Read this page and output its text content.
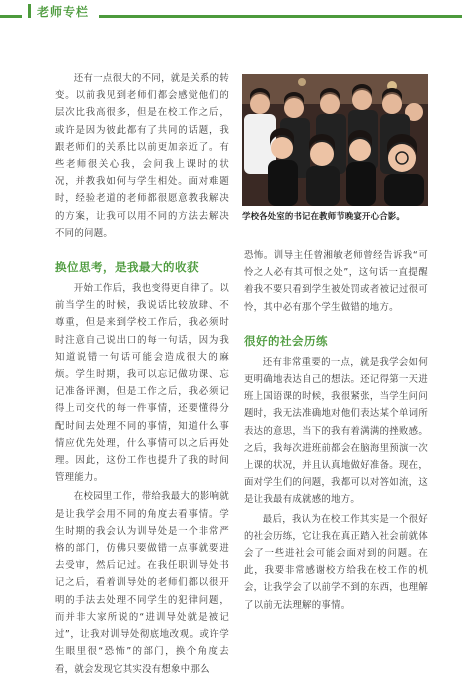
老师专栏

还有一点很大的不同，就是关系的转变。以前我见到老师们都会感觉他们的层次比我高很多，但是在校工作之后，或许是因为彼此都有了共同的话题，我跟老师们的关系比以前更加亲近了。有些老师很关心我，会问我上课时的状况，并教我如何与学生相处。面对难题时，经验老道的老师都很愿意教我解决的方案，让我可以用不同的方法去解决不同的问题。

换位思考，是我最大的收获

开始工作后，我也变得更自律了。以前当学生的时候，我说话比较放肆、不尊重，但是来到学校工作后，我必须时时注意自己说出口的每一句话，因为我知道说错一句话可能会造成很大的麻烦。学生时期，我可以忘记做功课、忘记准备评测，但是工作之后，我必须记得上司交代的每一件事情，还要懂得分配时间去处理不同的事情，知道什么事情应优先处理，什么事情可以之后再处理。因此，这份工作也提升了我的时间管理能力。

在校园里工作，带给我最大的影响就是让我学会用不同的角度去看事情。学生时期的我会认为训导处是一个非常严格的部门，仿佛只要做错一点事就要进去受审，然后记过。在我任职训导处书记之后，看着训导处的老师们都以很开明的手法去处理不同学生的犯律问题，而并非大家所说的“进训导处就是被记过”，让我对训导处彻底地改观。或许学生眼里很“恐怖”的部门，换个角度去看，就会发现它其实没有想象中那么

学校各处室的书记在教师节晚宴开心合影。

恐怖。训导主任曾湘敏老师曾经告诉我“可怜之人必有其可恨之处”，这句话一直提醒着我不要只看到学生被处罚或者被记过很可怜，其中必有那个学生做错的地方。

很好的社会历练

还有非常重要的一点，就是我学会如何更明确地表达自己的想法。还记得第一天进班上国语课的时候，我很紧张，当学生问问题时，我无法准确地对他们表达某个单词所表达的意思，当下的我有着满满的挫败感。之后，我每次进班前都会在脑海里预演一次上课的状况，并且认真地做好准备。现在，面对学生们的问题，我都可以对答如流，这是让我最有成就感的地方。

最后，我认为在校工作其实是一个很好的社会历练，它让我在真正踏入社会前就体会了一些进社会可能会面对到的问题。在此，我要非常感谢校方给我在校工作的机会，让我学会了以前学不到的东西，也理解了以前无法理解的事情。
